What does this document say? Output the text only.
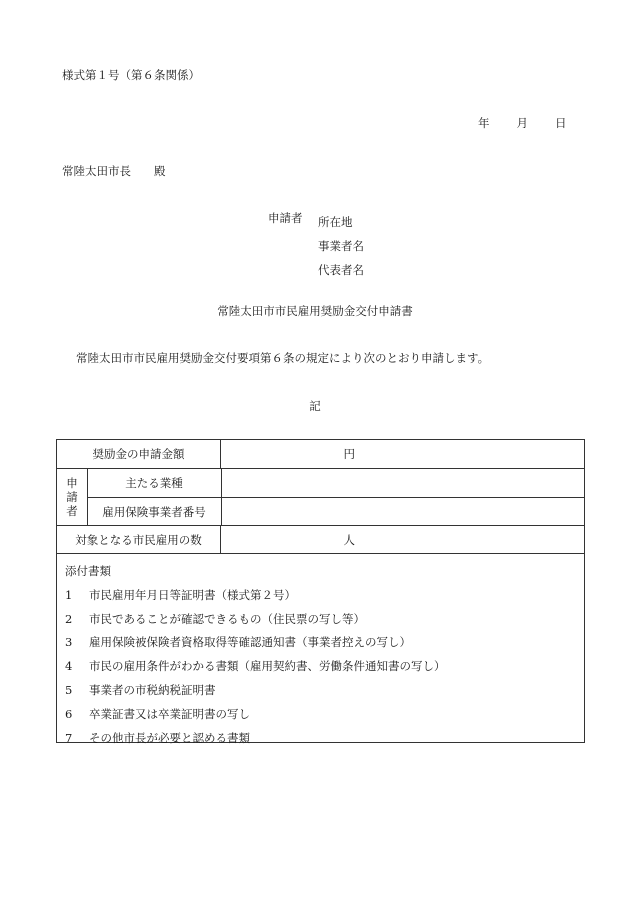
様式第１号（第６条関係）
年 月 日
常陸太田市長　　殿
申請者 所在地
事業者名
代表者名
常陸太田市市民雇用奨励金交付申請書
常陸太田市市民雇用奨励金交付要項第６条の規定により次のとおり申請します。
記
奨励金の申請金額	円
申
請
者
主たる業種
雇用保険事業者番号
対象となる市民雇用の数	人
添付書類
1 市民雇用年月日等証明書（様式第２号）
2 市民であることが確認できるもの（住民票の写し等）
3 雇用保険被保険者資格取得等確認通知書（事業者控えの写し）
4 市民の雇用条件がわかる書類（雇用契約書、労働条件通知書の写し）
5 事業者の市税納税証明書
6 卒業証書又は卒業証明書の写し
7 その他市長が必要と認める書類
